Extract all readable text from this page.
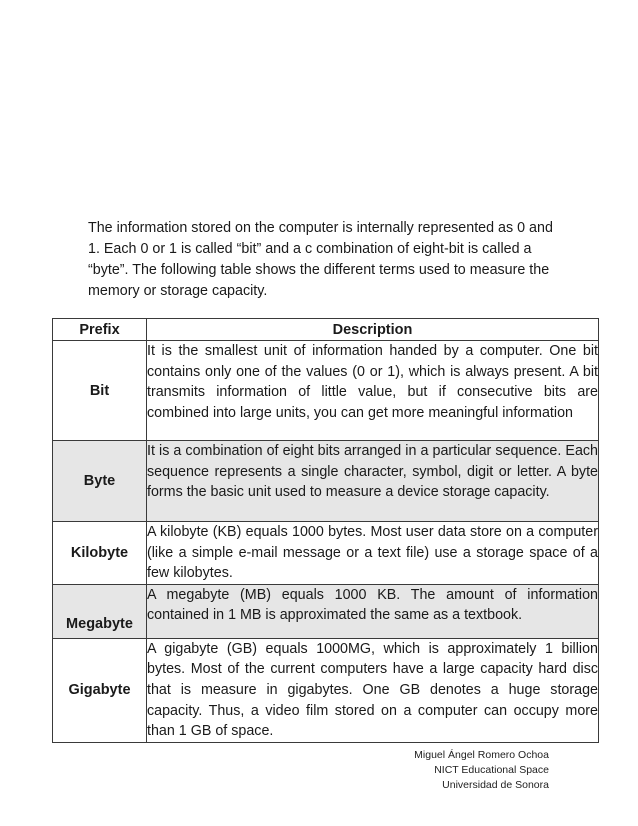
The information stored on the computer is internally represented as 0 and 1. Each 0 or 1 is called “bit” and a c combination of eight-bit is called a “byte”. The following table shows the different terms used to measure the memory or storage capacity.

Prefix	Description
Bit	It is the smallest unit of information handed by a computer. One bit contains only one of the values (0 or 1), which is always present. A bit transmits information of little value, but if consecutive bits are combined into large units, you can get more meaningful information
Byte	It is a combination of eight bits arranged in a particular sequence. Each sequence represents a single character, symbol, digit or letter. A byte forms the basic unit used to measure a device storage capacity.
Kilobyte	A kilobyte (KB) equals 1000 bytes. Most user data store on a computer (like a simple e-mail message or a text file) use a storage space of a few kilobytes.
Megabyte	A megabyte (MB) equals 1000 KB. The amount of information contained in 1 MB is approximated the same as a textbook.
Gigabyte	A gigabyte (GB) equals 1000MG, which is approximately 1 billion bytes. Most of the current computers have a large capacity hard disc that is measure in gigabytes. One GB denotes a huge storage capacity. Thus, a video film stored on a computer can occupy more than 1 GB of space.
Miguel Ángel Romero Ochoa
NICT Educational Space
Universidad de Sonora
